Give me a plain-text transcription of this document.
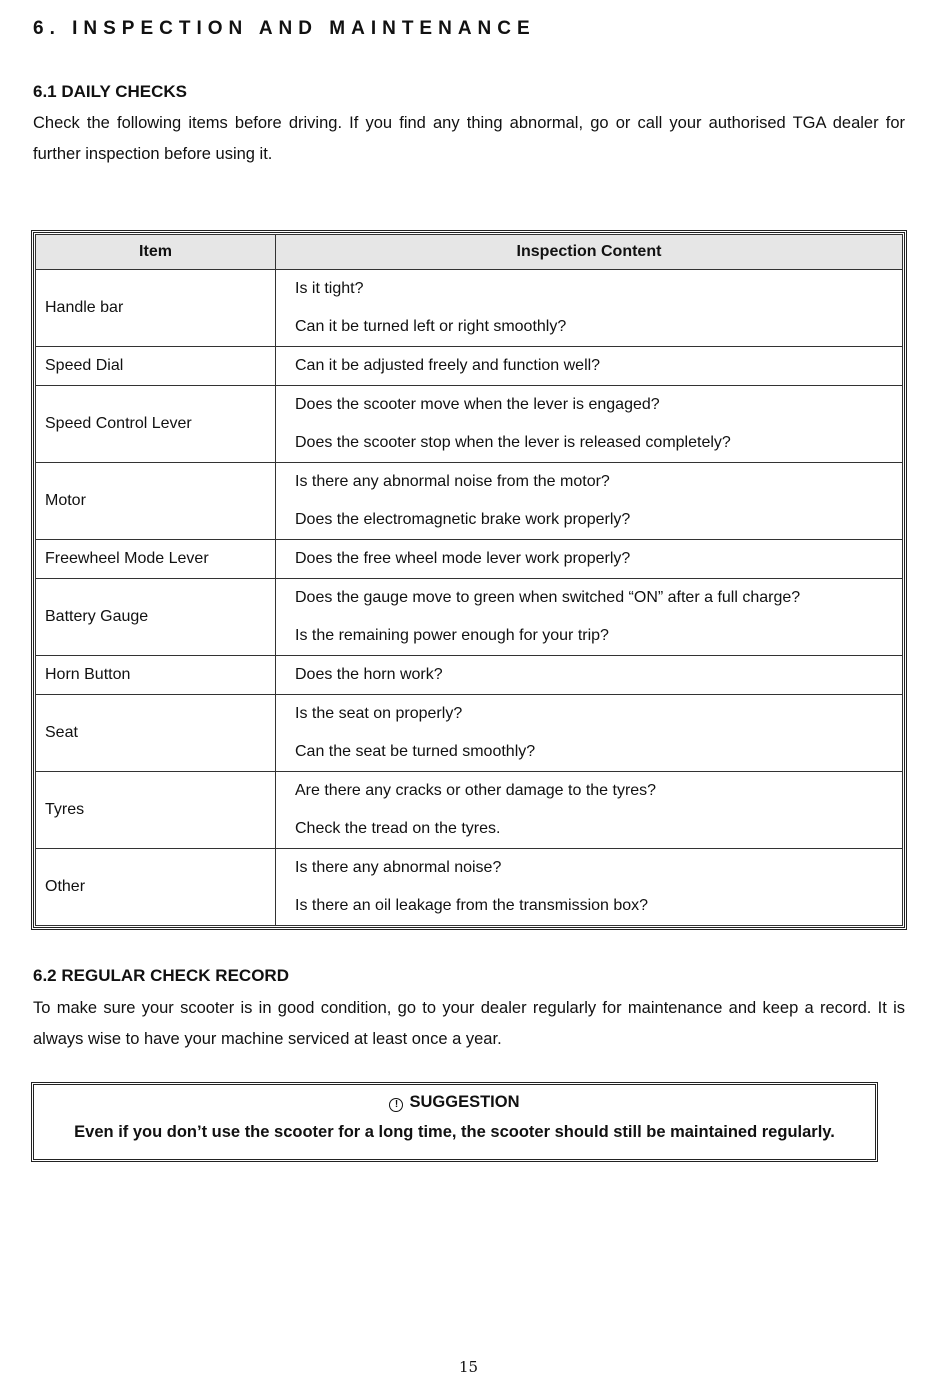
6. INSPECTION AND MAINTENANCE
6.1 DAILY CHECKS

Check the following items before driving. If you find any thing abnormal, go or call your authorised TGA dealer for further inspection before using it.

Item	Inspection Content
Handle bar	Is it tight?
Can it be turned left or right smoothly?

Speed Dial	Can it be adjusted freely and function well?

Speed Control Lever	Does the scooter move when the lever is engaged?
Does the scooter stop when the lever is released completely?

Motor	Is there any abnormal noise from the motor?
Does the electromagnetic brake work properly?

Freewheel Mode Lever	Does the free wheel mode lever work properly?

Battery Gauge	Does the gauge move to green when switched “ON” after a full charge?
Is the remaining power enough for your trip?

Horn Button	Does the horn work?

Seat	Is the seat on properly?
Can the seat be turned smoothly?

Tyres	Are there any cracks or other damage to the tyres?
Check the tread on the tyres.

Other	Is there any abnormal noise?
Is there an oil leakage from the transmission box?
6.2 REGULAR CHECK RECORD

To make sure your scooter is in good condition, go to your dealer regularly for maintenance and keep a record. It is always wise to have your machine serviced at least once a year.

! SUGGESTION
Even if you don’t use the scooter for a long time, the scooter should still be maintained regularly.
15
